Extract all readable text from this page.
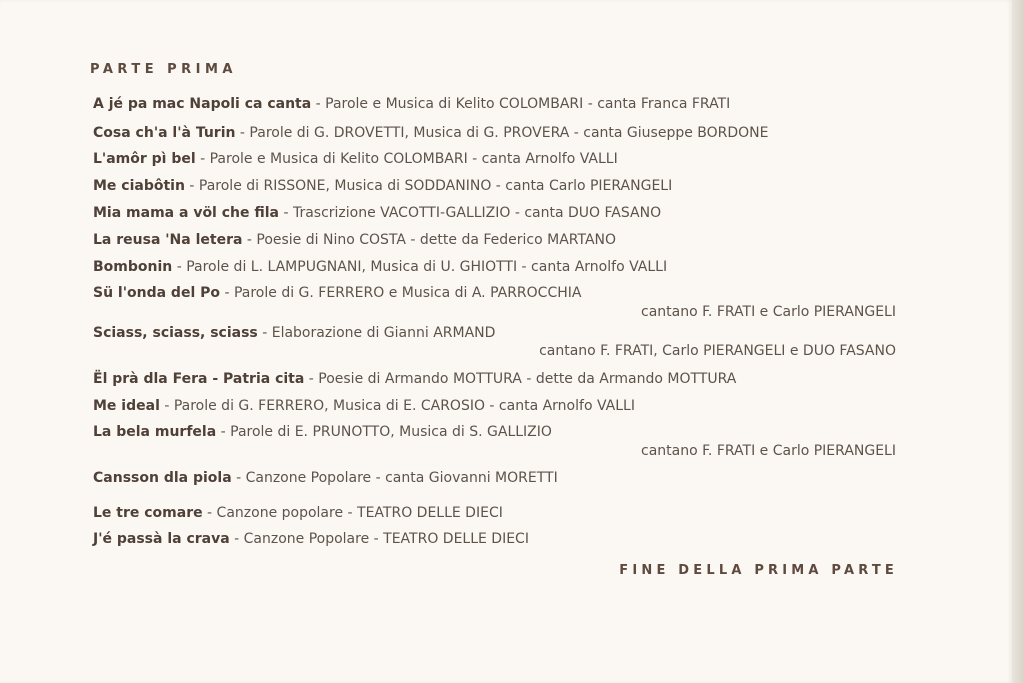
PARTE PRIMA
A jé pa mac Napoli ca canta - Parole e Musica di Kelito COLOMBARI - canta Franca FRATI
Cosa ch'a l'à Turin - Parole di G. DROVETTI, Musica di G. PROVERA - canta Giuseppe BORDONE
L'amôr pì bel - Parole e Musica di Kelito COLOMBARI - canta Arnolfo VALLI
Me ciabôtin - Parole di RISSONE, Musica di SODDANINO - canta Carlo PIERANGELI
Mia mama a völ che fila - Trascrizione VACOTTI-GALLIZIO - canta DUO FASANO
La reusa 'Na letera - Poesie di Nino COSTA - dette da Federico MARTANO
Bombonin - Parole di L. LAMPUGNANI, Musica di U. GHIOTTI - canta Arnolfo VALLI
Sü l'onda del Po - Parole di G. FERRERO e Musica di A. PARROCCHIA
cantano F. FRATI e Carlo PIERANGELI
Sciass, sciass, sciass - Elaborazione di Gianni ARMAND
cantano F. FRATI, Carlo PIERANGELI e DUO FASANO
Ël prà dla Fera - Patria cita - Poesie di Armando MOTTURA - dette da Armando MOTTURA
Me ideal - Parole di G. FERRERO, Musica di E. CAROSIO - canta Arnolfo VALLI
La bela murfela - Parole di E. PRUNOTTO, Musica di S. GALLIZIO
cantano F. FRATI e Carlo PIERANGELI
Cansson dla piola - Canzone Popolare - canta Giovanni MORETTI
Le tre comare - Canzone popolare - TEATRO DELLE DIECI
J'é passà la crava - Canzone Popolare - TEATRO DELLE DIECI
FINE DELLA PRIMA PARTE
